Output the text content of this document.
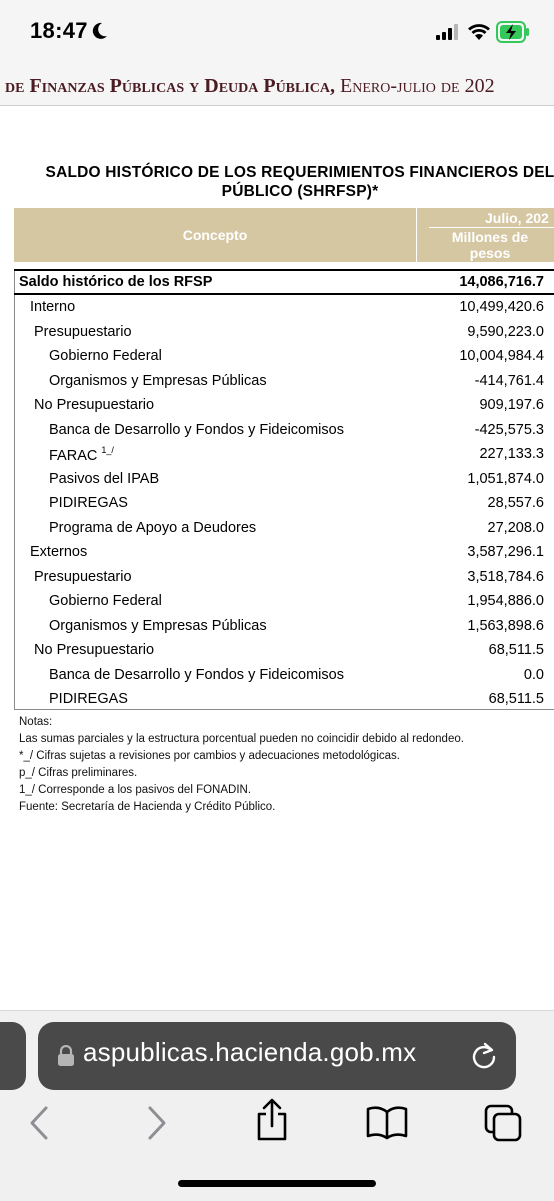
18:47
de Finanzas Públicas y Deuda Pública, Enero-julio de 202
SALDO HISTÓRICO DE LOS REQUERIMIENTOS FINANCIEROS DEL
PÚBLICO (SHRFSP)*
Concepto
Julio, 202
Millones de
pesos
Saldo histórico de los RFSP	14,086,716.7
Interno	10,499,420.6
Presupuestario	9,590,223.0
Gobierno Federal	10,004,984.4
Organismos y Empresas Públicas	-414,761.4
No Presupuestario	909,197.6
Banca de Desarrollo y Fondos y Fideicomisos	-425,575.3
FARAC $^{1\_/}$	227,133.3
Pasivos del IPAB	1,051,874.0
PIDIREGAS	28,557.6
Programa de Apoyo a Deudores	27,208.0
Externos	3,587,296.1
Presupuestario	3,518,784.6
Gobierno Federal	1,954,886.0
Organismos y Empresas Públicas	1,563,898.6
No Presupuestario	68,511.5
Banca de Desarrollo y Fondos y Fideicomisos	0.0
PIDIREGAS	68,511.5
Notas:
Las sumas parciales y la estructura porcentual pueden no coincidir debido al redondeo.
*_/ Cifras sujetas a revisiones por cambios y adecuaciones metodológicas.
p_/ Cifras preliminares.
1_/ Corresponde a los pasivos del FONADIN.
Fuente: Secretaría de Hacienda y Crédito Público.
aspublicas.hacienda.gob.mx
